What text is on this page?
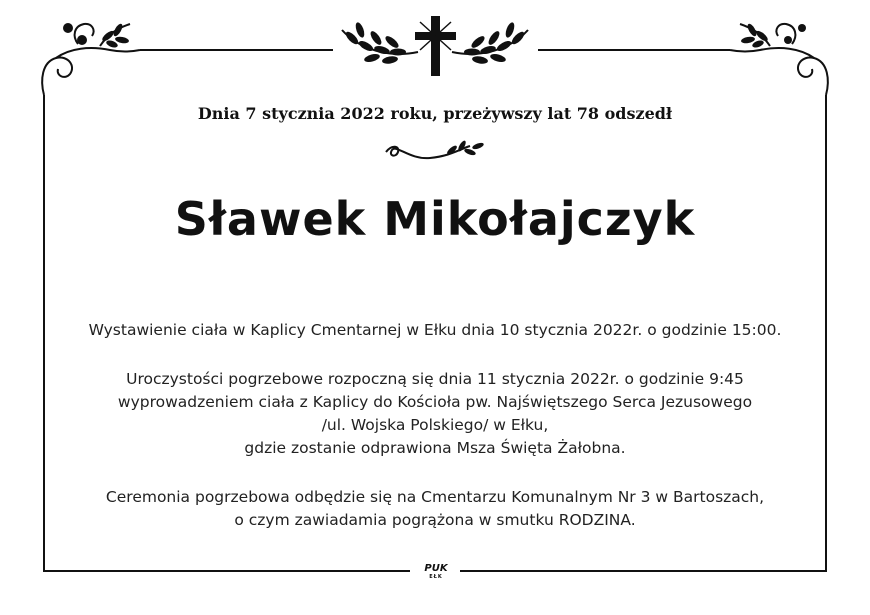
Dnia 7 stycznia 2022 roku, przeżywszy lat 78 odszedł
Sławek Mikołajczyk

Wystawienie ciała w Kaplicy Cmentarnej w Ełku dnia 10 stycznia 2022r. o godzinie 15:00.

Uroczystości pogrzebowe rozpoczną się dnia 11 stycznia 2022r. o godzinie 9:45

wyprowadzeniem ciała z Kaplicy do Kościoła pw. Najświętszego Serca Jezusowego

/ul. Wojska Polskiego/ w Ełku,

gdzie zostanie odprawiona Msza Święta Żałobna.

Ceremonia pogrzebowa odbędzie się na Cmentarzu Komunalnym Nr 3 w Bartoszach,

o czym zawiadamia pogrążona w smutku RODZINA.

PUK
EŁK
